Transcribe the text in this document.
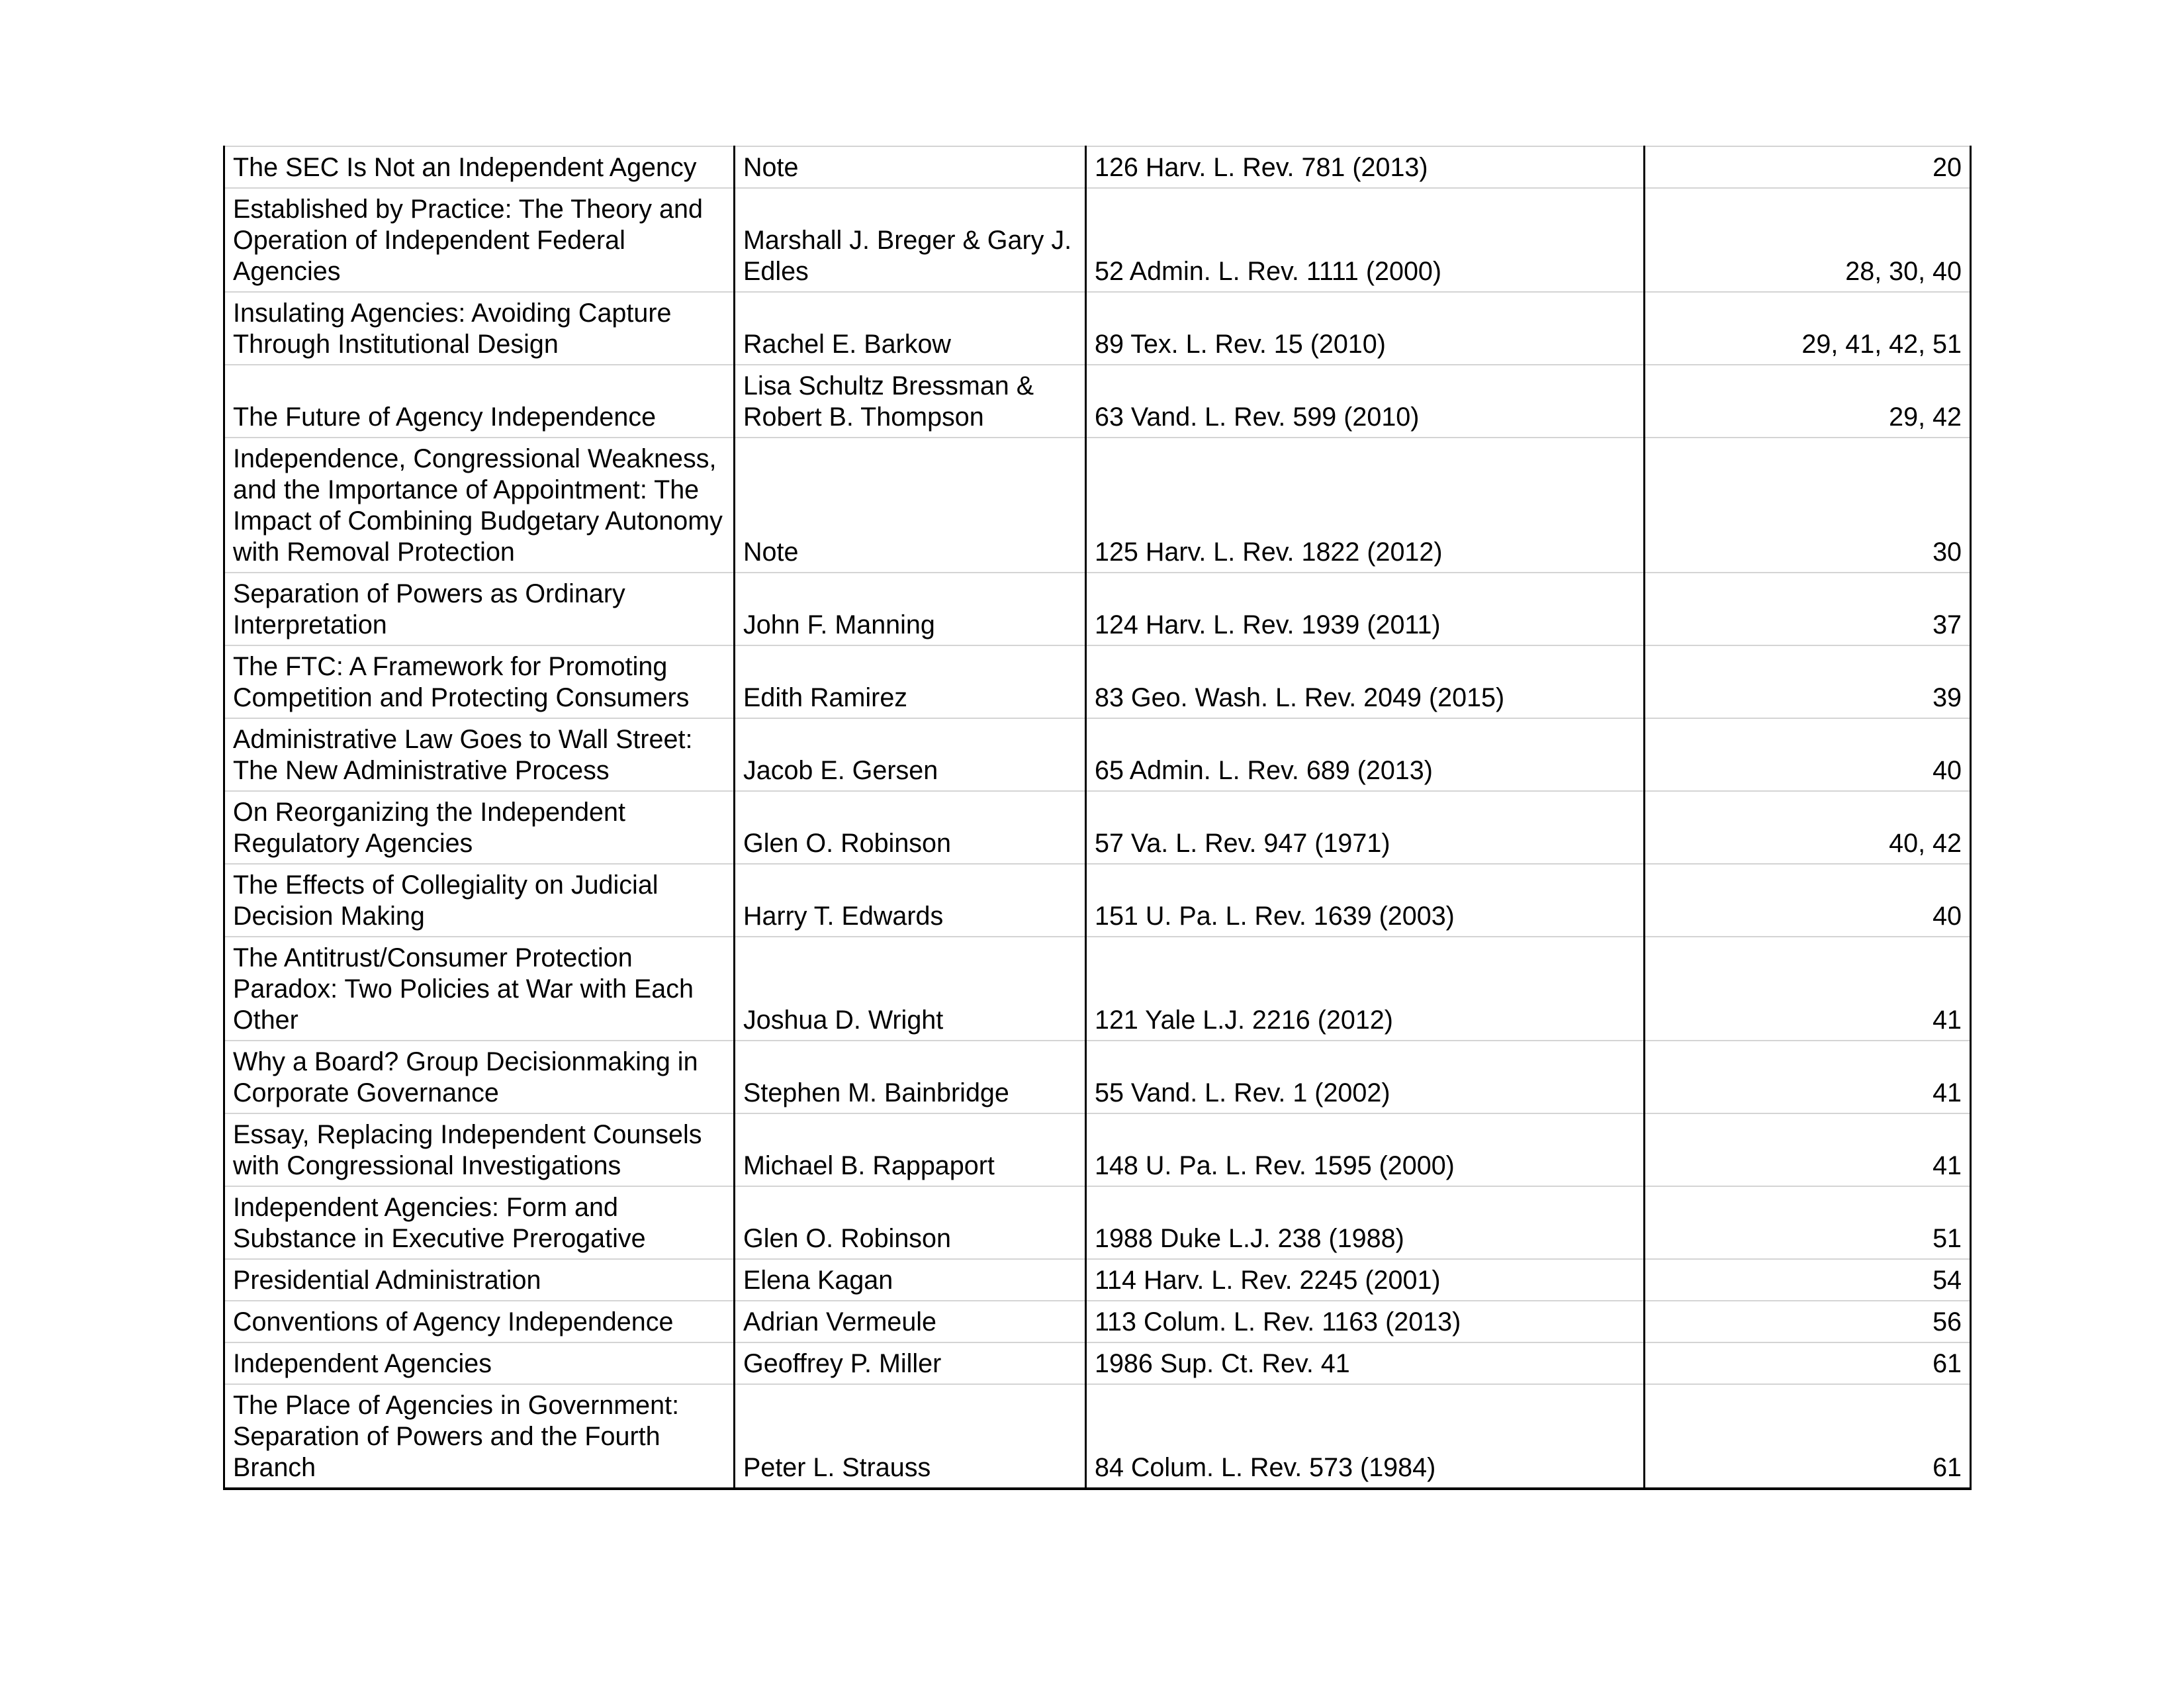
The SEC Is Not an Independent Agency	Note	126 Harv. L. Rev. 781 (2013)	20
Established by Practice: The Theory and Operation of Independent Federal Agencies	Marshall J. Breger & Gary J. Edles	52 Admin. L. Rev. 1111 (2000)	28, 30, 40
Insulating Agencies: Avoiding Capture Through Institutional Design	Rachel E. Barkow	89 Tex. L. Rev. 15 (2010)	29, 41, 42, 51
The Future of Agency Independence	Lisa Schultz Bressman & Robert B. Thompson	63 Vand. L. Rev. 599 (2010)	29, 42
Independence, Congressional Weakness, and the Importance of Appointment: The Impact of Combining Budgetary Autonomy with Removal Protection	Note	125 Harv. L. Rev. 1822 (2012)	30
Separation of Powers as Ordinary Interpretation	John F. Manning	124 Harv. L. Rev. 1939 (2011)	37
The FTC: A Framework for Promoting Competition and Protecting Consumers	Edith Ramirez	83 Geo. Wash. L. Rev. 2049 (2015)	39
Administrative Law Goes to Wall Street: The New Administrative Process	Jacob E. Gersen	65 Admin. L. Rev. 689 (2013)	40
On Reorganizing the Independent Regulatory Agencies	Glen O. Robinson	57 Va. L. Rev. 947 (1971)	40, 42
The Effects of Collegiality on Judicial Decision Making	Harry T. Edwards	151 U. Pa. L. Rev. 1639 (2003)	40
The Antitrust/Consumer Protection Paradox: Two Policies at War with Each Other	Joshua D. Wright	121 Yale L.J. 2216 (2012)	41
Why a Board? Group Decisionmaking in Corporate Governance	Stephen M. Bainbridge	55 Vand. L. Rev. 1 (2002)	41
Essay, Replacing Independent Counsels with Congressional Investigations	Michael B. Rappaport	148 U. Pa. L. Rev. 1595 (2000)	41
Independent Agencies: Form and Substance in Executive Prerogative	Glen O. Robinson	1988 Duke L.J. 238 (1988)	51
Presidential Administration	Elena Kagan	114 Harv. L. Rev. 2245 (2001)	54
Conventions of Agency Independence	Adrian Vermeule	113 Colum. L. Rev. 1163 (2013)	56
Independent Agencies	Geoffrey P. Miller	1986 Sup. Ct. Rev. 41	61
The Place of Agencies in Government: Separation of Powers and the Fourth Branch	Peter L. Strauss	84 Colum. L. Rev. 573 (1984)	61
